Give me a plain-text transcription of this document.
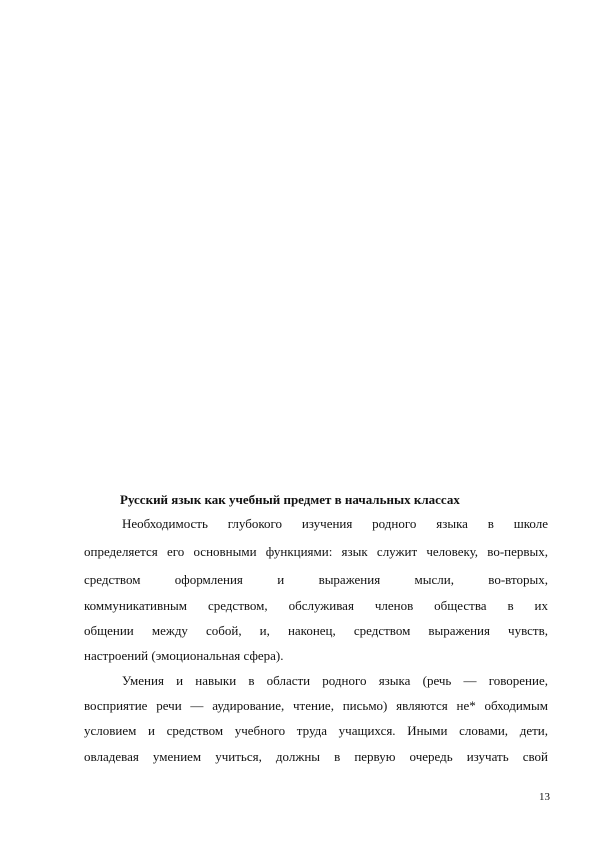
Русский язык как учебный предмет в начальных классах
Необходимость глубокого изучения родного языка в школе
определяется его основными функциями: язык служит человеку, во-первых,
средством оформления и выражения мысли, во-вторых,
коммуникативным средством, обслуживая членов общества в их
общении между собой, и, наконец, средством выражения чувств,
настроений (эмоциональная сфера).
Умения и навыки в области родного языка (речь — говорение,
восприятие речи — аудирование, чтение, письмо) являются не* обходимым
условием и средством учебного труда учащихся. Иными словами, дети,
овладевая умением учиться, должны в первую очередь изучать свой
13
